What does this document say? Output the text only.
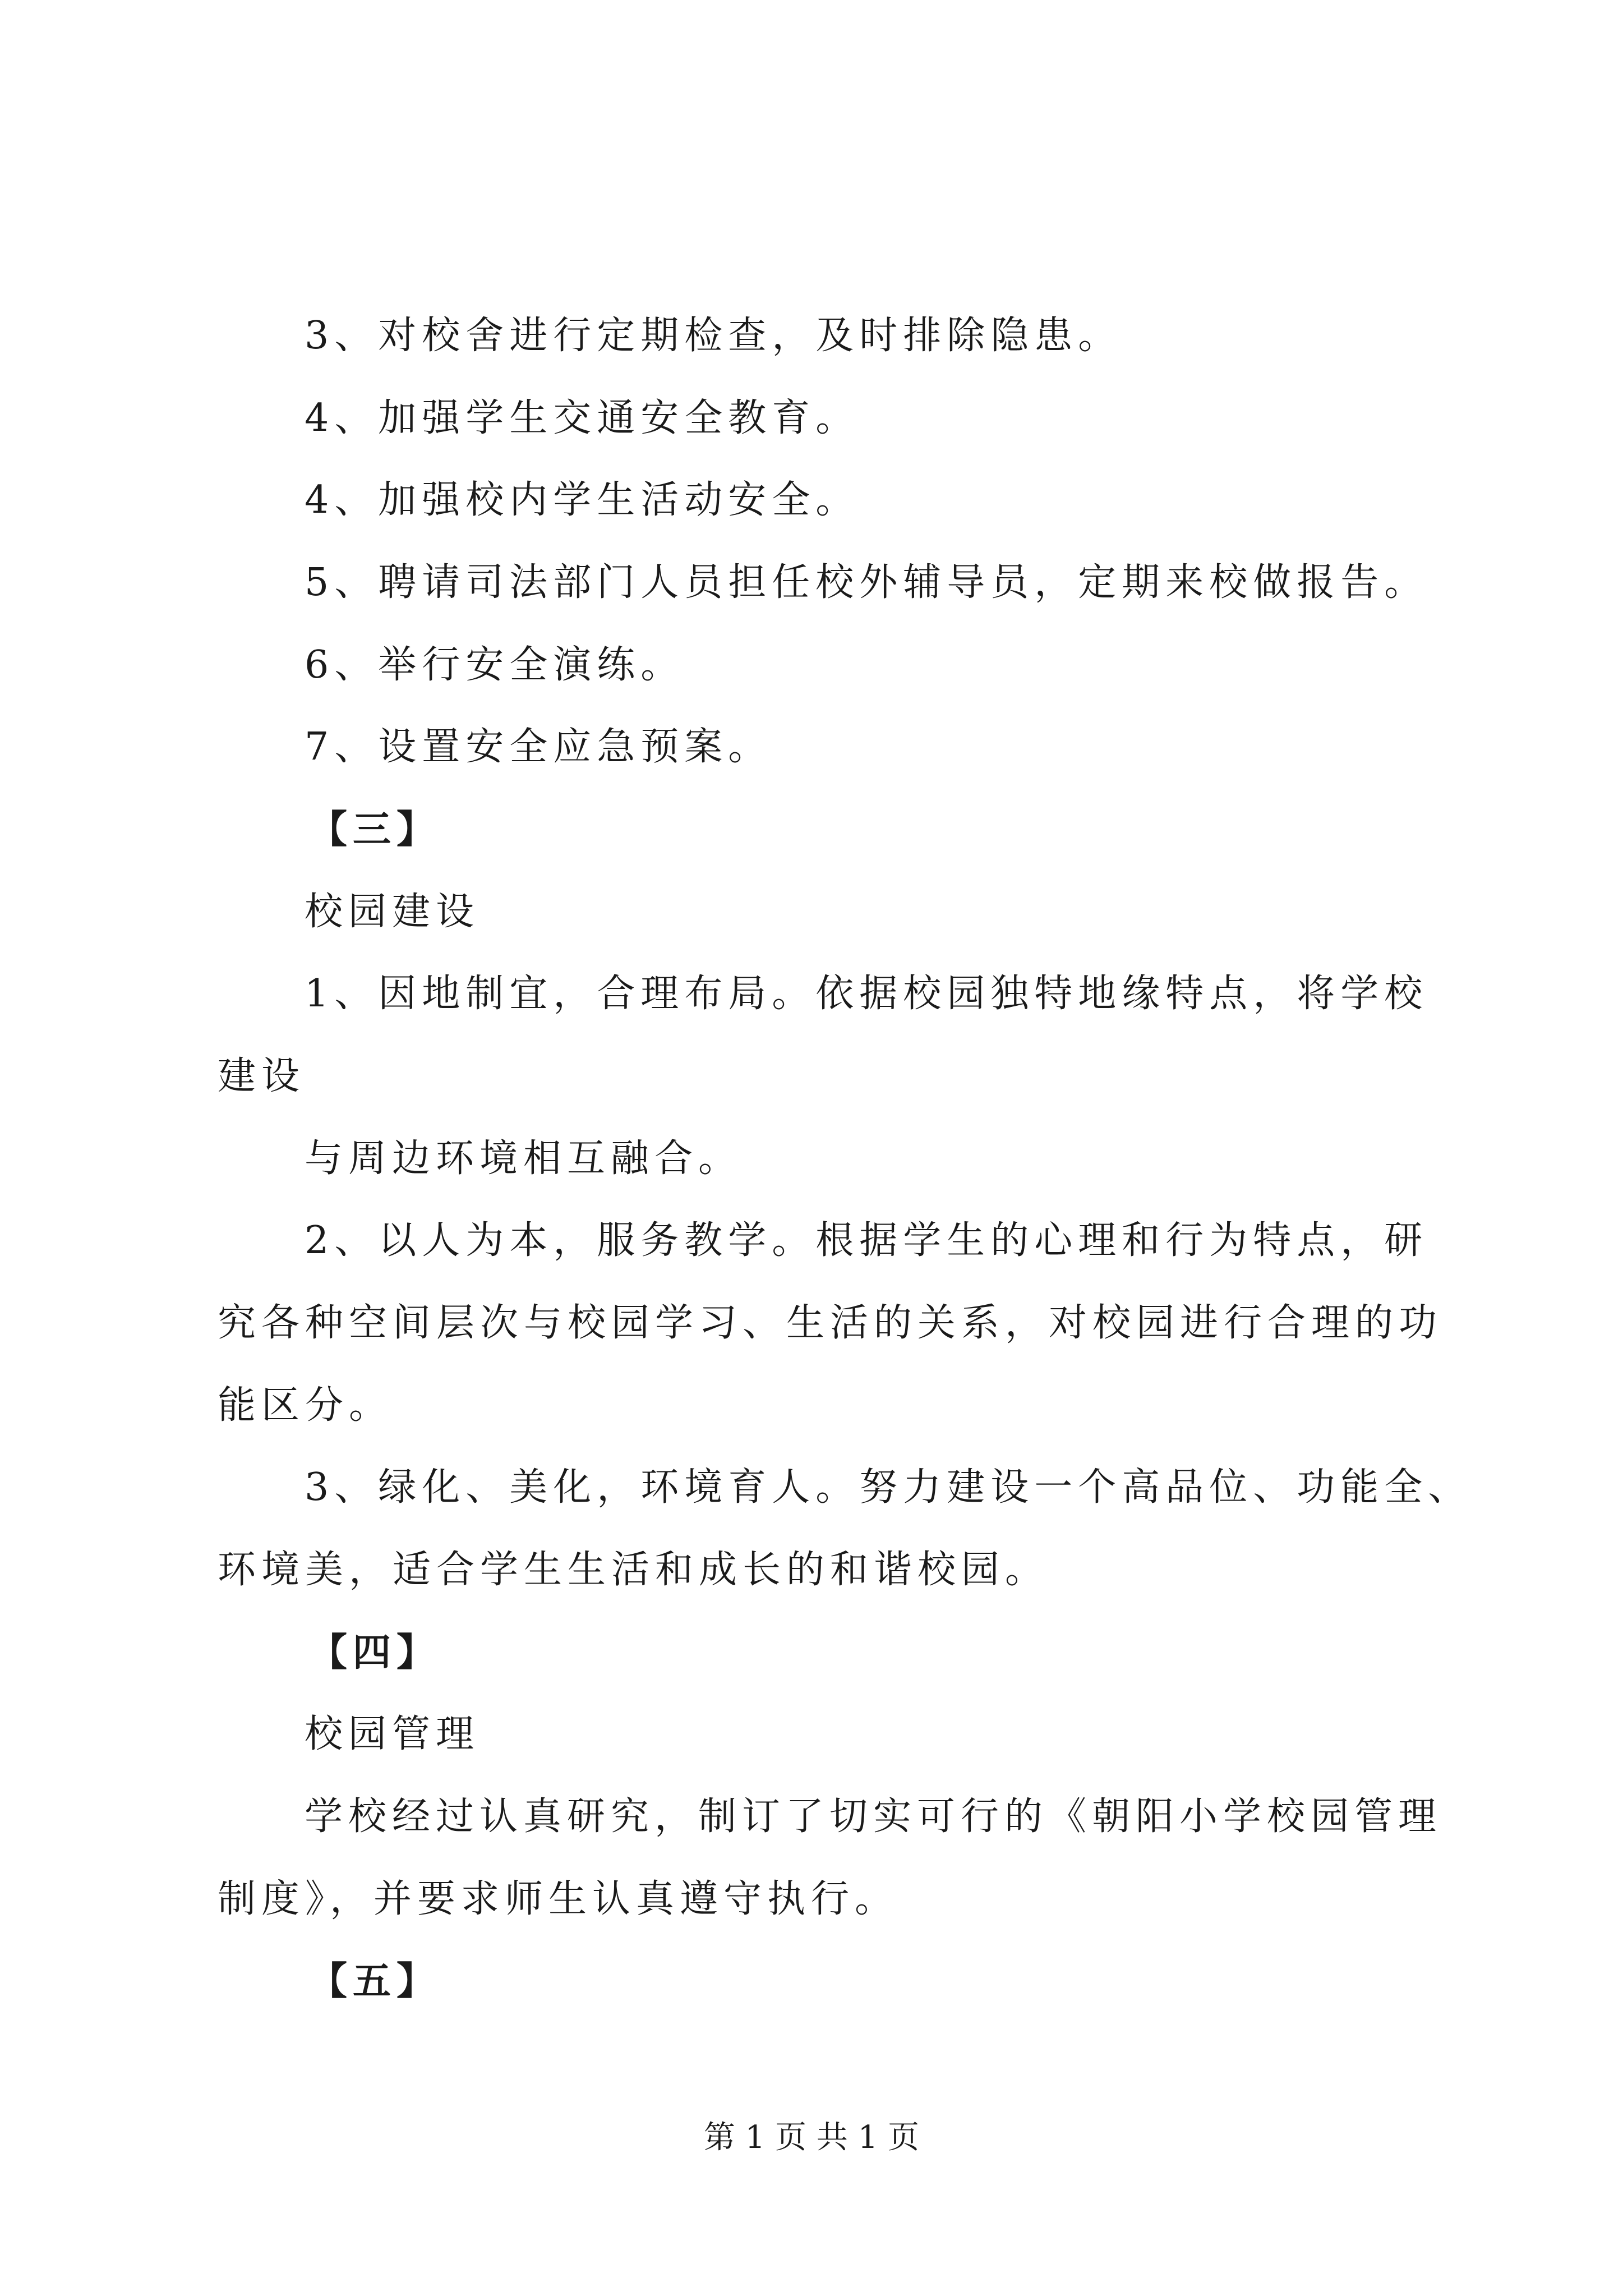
3、对校舍进行定期检查，及时排除隐患。

4、加强学生交通安全教育。

4、加强校内学生活动安全。

5、聘请司法部门人员担任校外辅导员，定期来校做报告。

6、举行安全演练。

7、设置安全应急预案。

【三】

校园建设

1、因地制宜，合理布局。依据校园独特地缘特点，将学校

建设

与周边环境相互融合。

2、以人为本，服务教学。根据学生的心理和行为特点，研

究各种空间层次与校园学习、生活的关系，对校园进行合理的功

能区分。

3、绿化、美化，环境育人。努力建设一个高品位、功能全、

环境美，适合学生生活和成长的和谐校园。

【四】

校园管理

学校经过认真研究，制订了切实可行的《朝阳小学校园管理

制度》，并要求师生认真遵守执行。

【五】

第 1 页 共 1 页
